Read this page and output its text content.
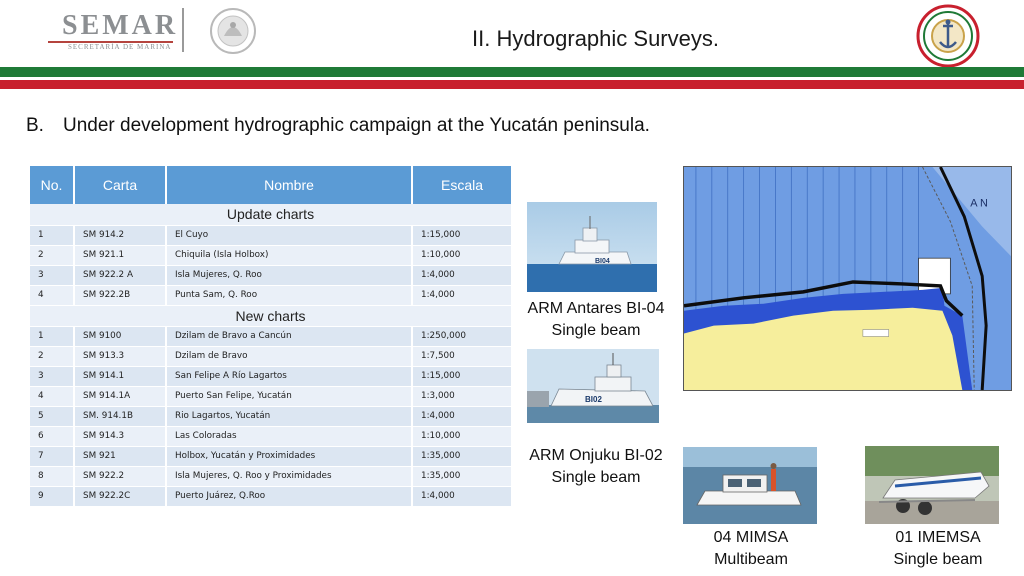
SEMAR
SECRETARÍA DE MARINA	II. Hydrographic Surveys.
B. Under development hydrographic campaign at the Yucatán peninsula.
No.	Carta	Nombre	Escala
Update charts			
1	SM 914.2	El Cuyo	1:15,000
2	SM 921.1	Chiquila (Isla Holbox)	1:10,000
3	SM 922.2 A	Isla Mujeres, Q. Roo	1:4,000
4	SM 922.2B	Punta Sam, Q. Roo	1:4,000
New charts			
1	SM 9100	Dzilam de Bravo a Cancún	1:250,000
2	SM 913.3	Dzilam de Bravo	1:7,500
3	SM 914.1	San Felipe A Río Lagartos	1:15,000
4	SM 914.1A	Puerto San Felipe, Yucatán	1:3,000
5	SM. 914.1B	Rio Lagartos, Yucatán	1:4,000
6	SM 914.3	Las Coloradas	1:10,000
7	SM 921	Holbox, Yucatán y Proximidades	1:35,000
8	SM 922.2	Isla Mujeres, Q. Roo y Proximidades	1:35,000
9	SM 922.2C	Puerto Juárez, Q.Roo	1:4,000
BI04
ARM Antares BI-04
Single beam
BI02
ARM Onjuku BI-02
Single beam
04 MIMSA
Multibeam
01 IMEMSA
Single beam
A N
